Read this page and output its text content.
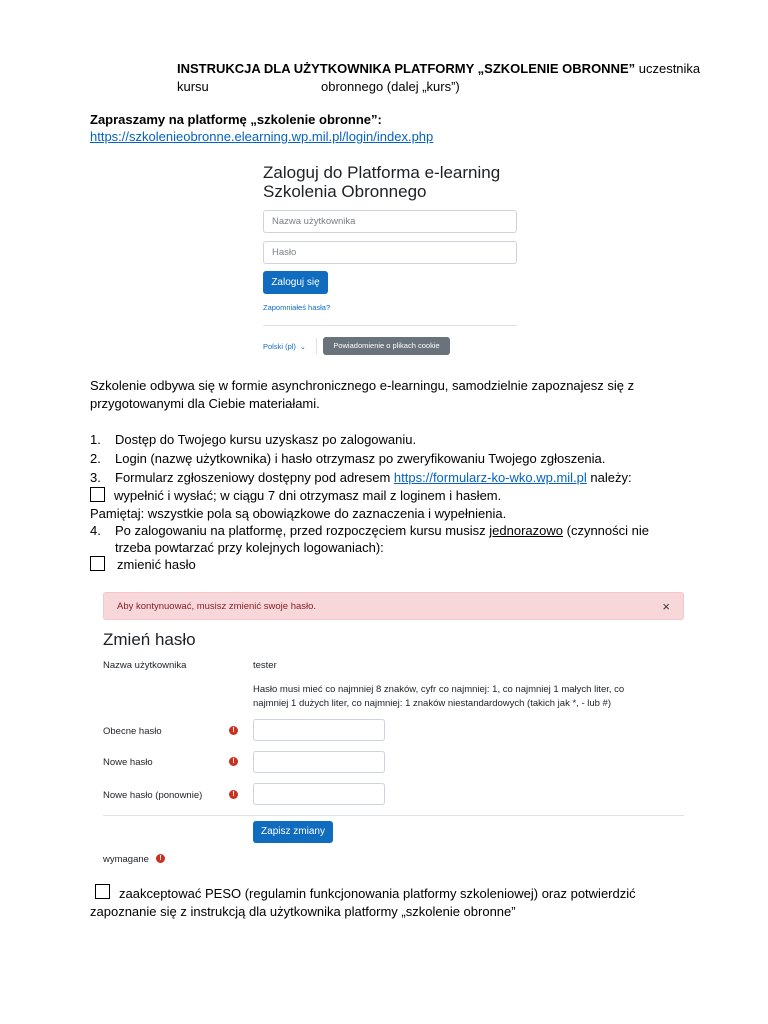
INSTRUKCJA DLA UŻYTKOWNIKA PLATFORMY „SZKOLENIE OBRONNE” uczestnika kursu	obronnego (dalej „kurs”)
Zapraszamy na platformę „szkolenie obronne”:
https://szkolenieobronne.elearning.wp.mil.pl/login/index.php
Zaloguj do Platforma e-learning
Szkolenia Obronnego
Nazwa użytkownika
Hasło
Zaloguj się
Zapomniałeś hasła?
Polski (pl) ⌄	Powiadomienie o plikach cookie
Szkolenie odbywa się w formie asynchronicznego e-learningu, samodzielnie zapoznajesz się z
przygotowanymi dla Ciebie materiałami.
1. Dostęp do Twojego kursu uzyskasz po zalogowaniu.
2. Login (nazwę użytkownika) i hasło otrzymasz po zweryfikowaniu Twojego zgłoszenia.
3. Formularz zgłoszeniowy dostępny pod adresem https://formularz-ko-wko.wp.mil.pl należy:
wypełnić i wysłać; w ciągu 7 dni otrzymasz mail z loginem i hasłem.
Pamiętaj: wszystkie pola są obowiązkowe do zaznaczenia i wypełnienia.
4. Po zalogowaniu na platformę, przed rozpoczęciem kursu musisz jednorazowo (czynności nie
trzeba powtarzać przy kolejnych logowaniach):
zmienić hasło
Aby kontynuować, musisz zmienić swoje hasło.	×
Zmień hasło
Nazwa użytkownika	tester
Hasło musi mieć co najmniej 8 znaków, cyfr co najmniej: 1, co najmniej 1 małych liter, co
najmniej 1 dużych liter, co najmniej: 1 znaków niestandardowych (takich jak *, - lub #)
Obecne hasło	!
Nowe hasło	!
Nowe hasło (ponownie)	!
Zapisz zmiany
wymagane	!
zaakceptować PESO (regulamin funkcjonowania platformy szkoleniowej) oraz potwierdzić
zapoznanie się z instrukcją dla użytkownika platformy „szkolenie obronne”
